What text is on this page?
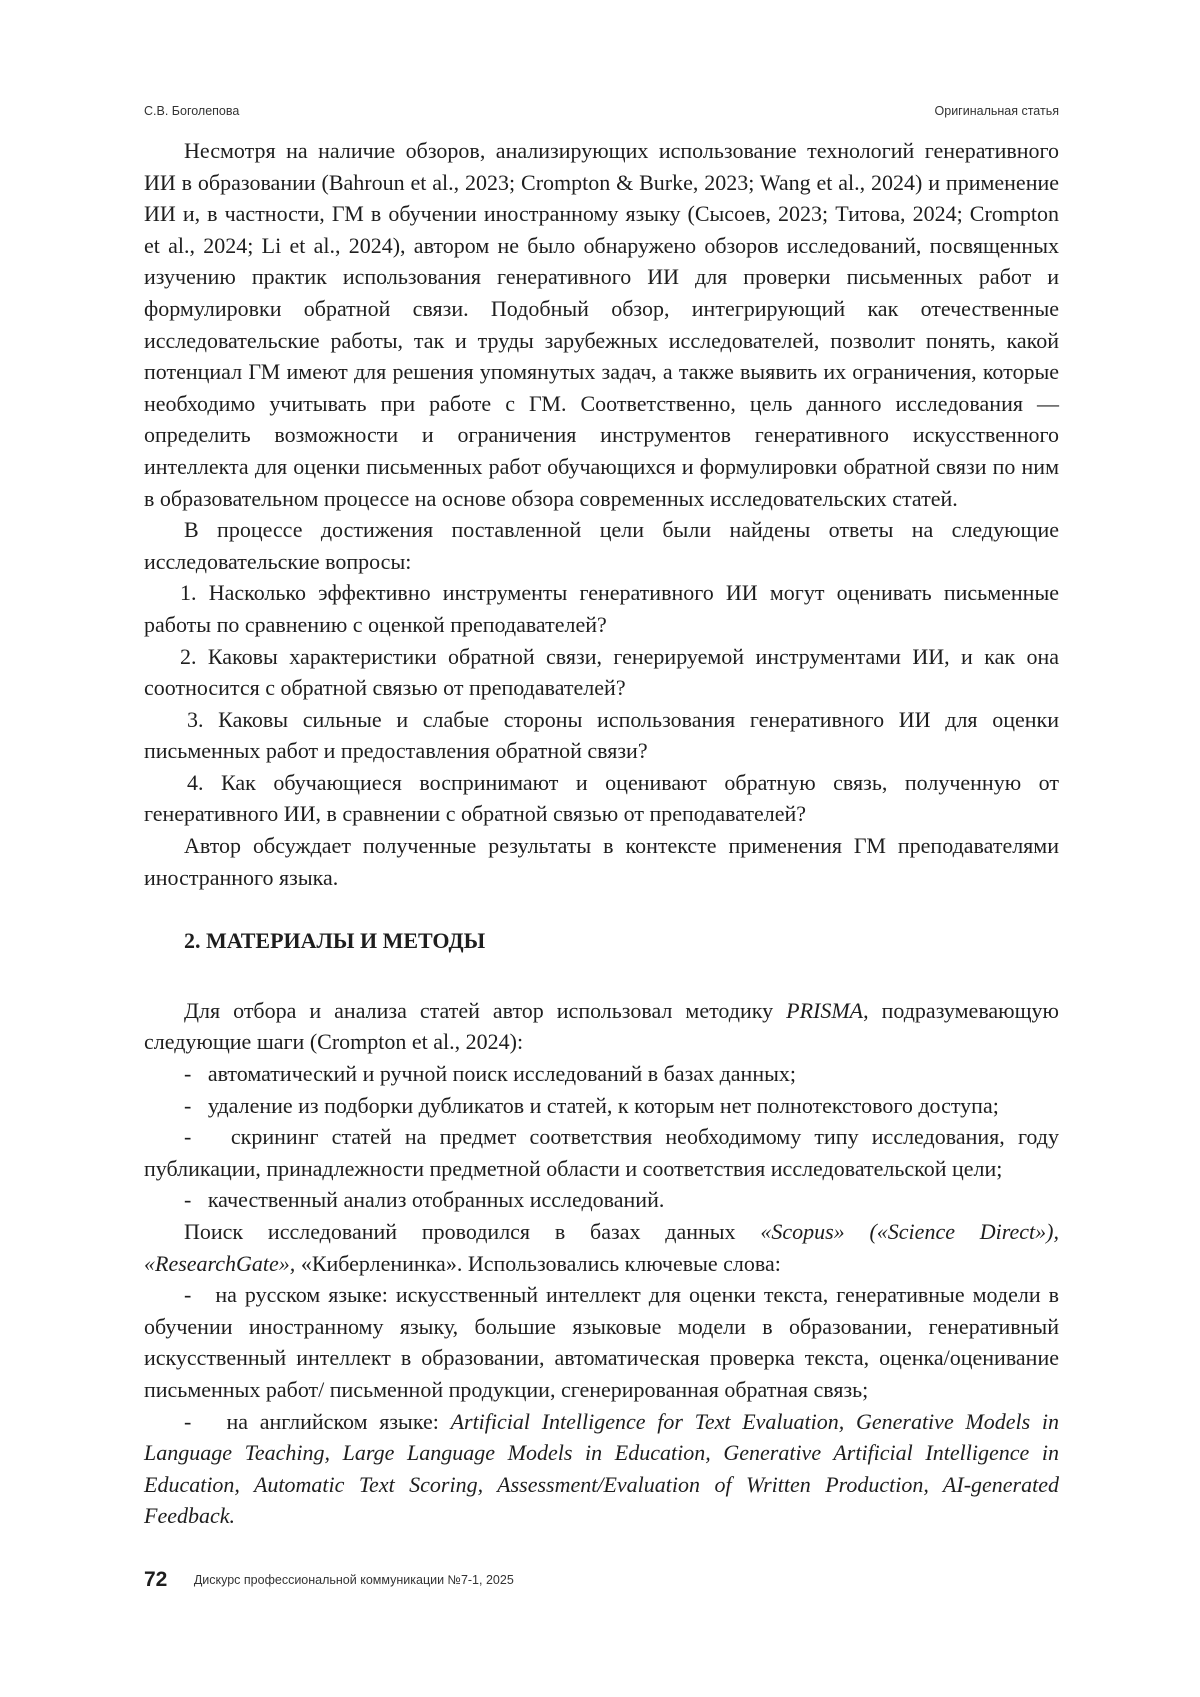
С.В. Боголепова	Оригинальная статья

Несмотря на наличие обзоров, анализирующих использование технологий генеративного ИИ в образовании (Bahroun et al., 2023; Crompton & Burke, 2023; Wang et al., 2024) и применение ИИ и, в частности, ГМ в обучении иностранному языку (Сысоев, 2023; Титова, 2024; Crompton et al., 2024; Li et al., 2024), автором не было обнаружено обзоров исследований, посвященных изучению практик использования генеративного ИИ для проверки письменных работ и формулировки обратной связи. Подобный обзор, интегрирующий как отечественные исследовательские работы, так и труды зарубежных исследователей, позволит понять, какой потенциал ГМ имеют для решения упомянутых задач, а также выявить их ограничения, которые необходимо учитывать при работе с ГМ. Соответственно, цель данного исследования — определить возможности и ограничения инструментов генеративного искусственного интеллекта для оценки письменных работ обучающихся и формулировки обратной связи по ним в образовательном процессе на основе обзора современных исследовательских статей.

В процессе достижения поставленной цели были найдены ответы на следующие исследовательские вопросы:

1. Насколько эффективно инструменты генеративного ИИ могут оценивать письменные работы по сравнению с оценкой преподавателей?

2. Каковы характеристики обратной связи, генерируемой инструментами ИИ, и как она соотносится с обратной связью от преподавателей?

3. Каковы сильные и слабые стороны использования генеративного ИИ для оценки письменных работ и предоставления обратной связи?

4. Как обучающиеся воспринимают и оценивают обратную связь, полученную от генеративного ИИ, в сравнении с обратной связью от преподавателей?

Автор обсуждает полученные результаты в контексте применения ГМ преподавателями иностранного языка.

2. МАТЕРИАЛЫ И МЕТОДЫ

Для отбора и анализа статей автор использовал методику PRISMA, подразумевающую следующие шаги (Crompton et al., 2024):

-   автоматический и ручной поиск исследований в базах данных;

-   удаление из подборки дубликатов и статей, к которым нет полнотекстового доступа;

-   скрининг статей на предмет соответствия необходимому типу исследования, году публикации, принадлежности предметной области и соответствия исследовательской цели;

-   качественный анализ отобранных исследований.

Поиск исследований проводился в базах данных «Scopus» («Science Direct»), «ResearchGate», «Киберленинка». Использовались ключевые слова:

-   на русском языке: искусственный интеллект для оценки текста, генеративные модели в обучении иностранному языку, большие языковые модели в образовании, генеративный искусственный интеллект в образовании, автоматическая проверка текста, оценка/оценивание письменных работ/ письменной продукции, сгенерированная обратная связь;

-   на английском языке: Artificial Intelligence for Text Evaluation, Generative Models in Language Teaching, Large Language Models in Education, Generative Artificial Intelligence in Education, Automatic Text Scoring, Assessment/Evaluation of Written Production, AI-generated Feedback.

72 Дискурс профессиональной коммуникации №7-1, 2025
